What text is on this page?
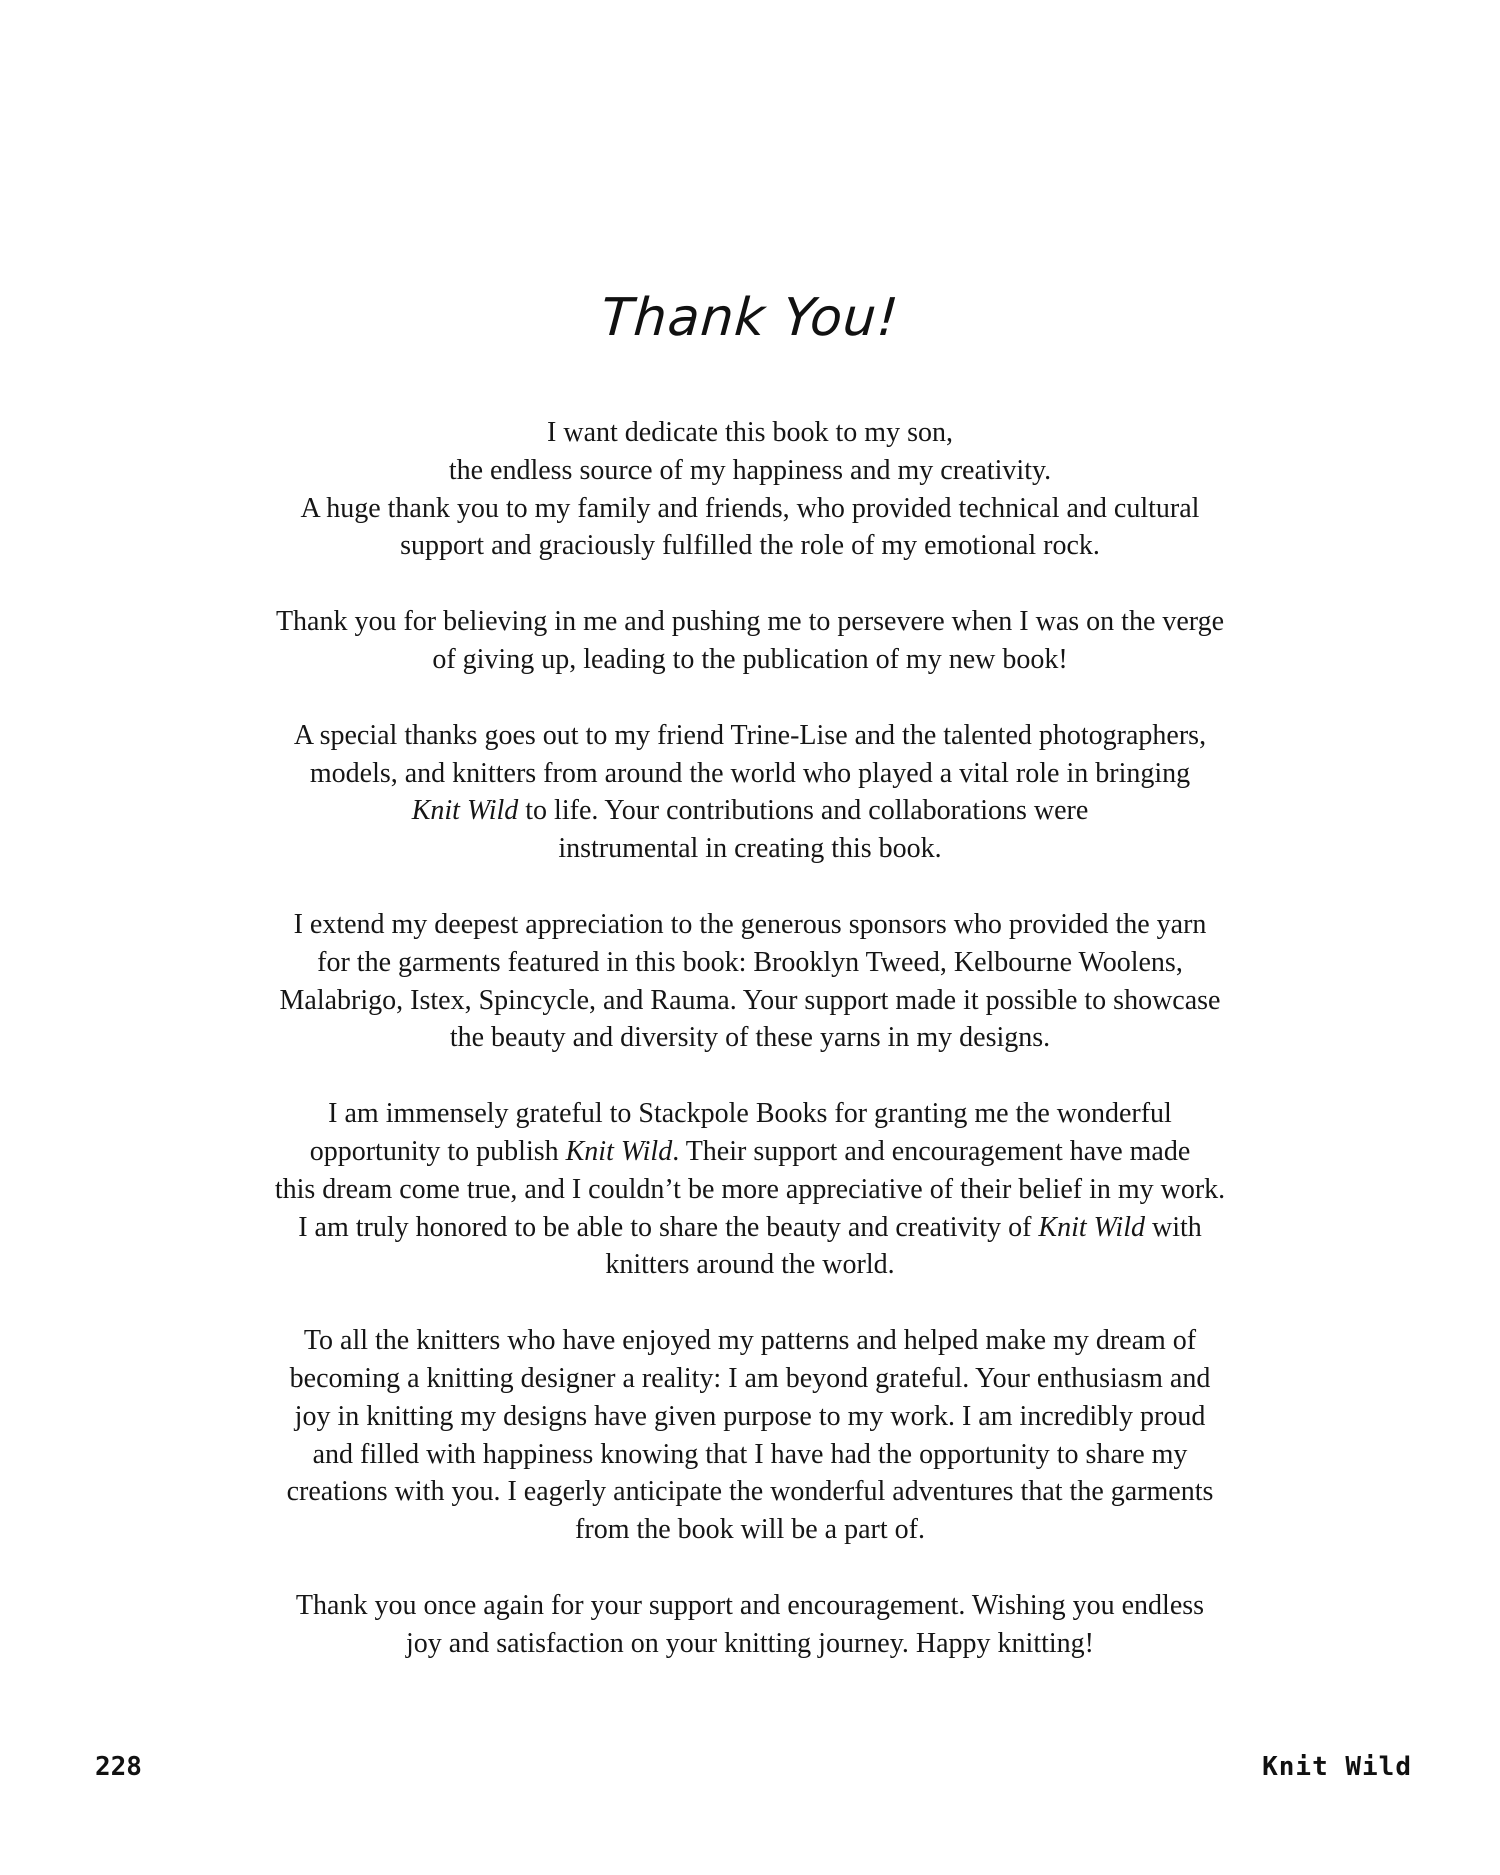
Thank You!

I want dedicate this book to my son,
the endless source of my happiness and my creativity.
A huge thank you to my family and friends, who provided technical and cultural
support and graciously fulfilled the role of my emotional rock.

Thank you for believing in me and pushing me to persevere when I was on the verge
of giving up, leading to the publication of my new book!

A special thanks goes out to my friend Trine-Lise and the talented photographers,
models, and knitters from around the world who played a vital role in bringing
Knit Wild to life. Your contributions and collaborations were
instrumental in creating this book.

I extend my deepest appreciation to the generous sponsors who provided the yarn
for the garments featured in this book: Brooklyn Tweed, Kelbourne Woolens,
Malabrigo, Istex, Spincycle, and Rauma. Your support made it possible to showcase
the beauty and diversity of these yarns in my designs.

I am immensely grateful to Stackpole Books for granting me the wonderful
opportunity to publish Knit Wild. Their support and encouragement have made
this dream come true, and I couldn’t be more appreciative of their belief in my work.
I am truly honored to be able to share the beauty and creativity of Knit Wild with
knitters around the world.

To all the knitters who have enjoyed my patterns and helped make my dream of
becoming a knitting designer a reality: I am beyond grateful. Your enthusiasm and
joy in knitting my designs have given purpose to my work. I am incredibly proud
and filled with happiness knowing that I have had the opportunity to share my
creations with you. I eagerly anticipate the wonderful adventures that the garments
from the book will be a part of.

Thank you once again for your support and encouragement. Wishing you endless
joy and satisfaction on your knitting journey. Happy knitting!

228	Knit Wild
